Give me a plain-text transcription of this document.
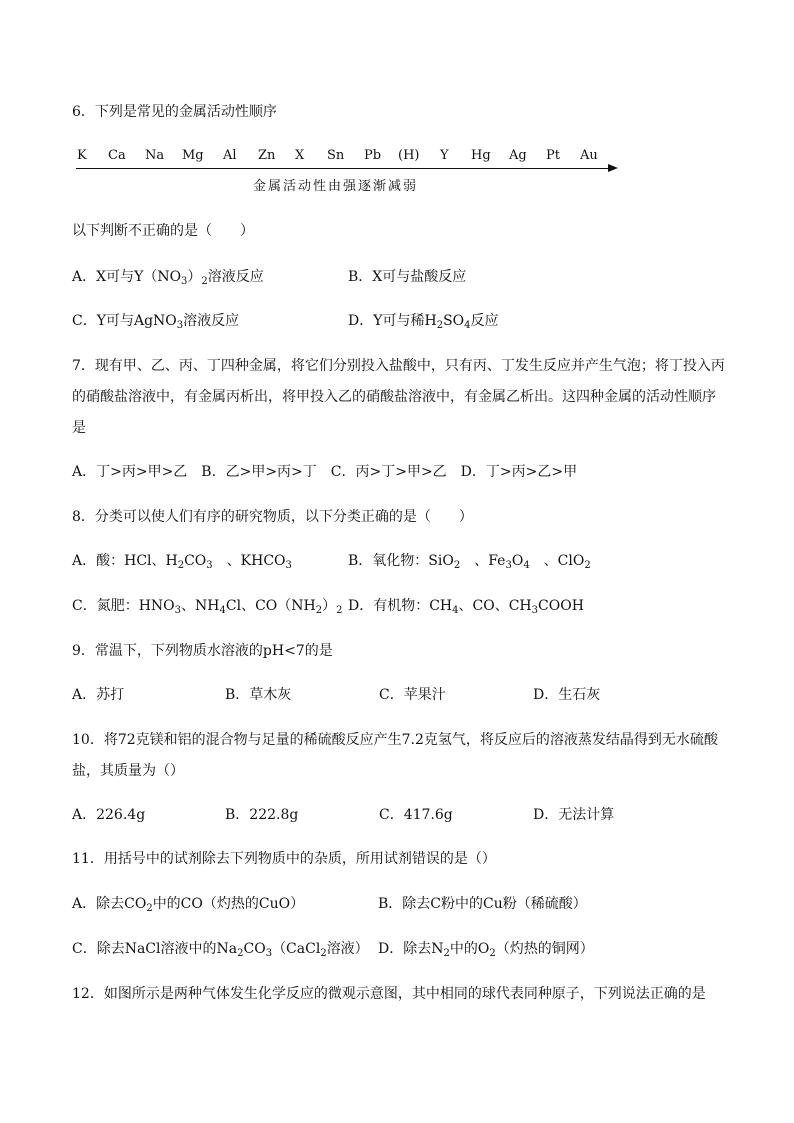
6．下列是常见的金属活动性顺序
K Ca Na Mg Al Zn X Sn Pb (H) Y Hg Ag Pt Au
金属活动性由强逐渐减弱
以下判断不正确的是（　　）
A．X可与$Y(NO_3)_2$溶液反应	B．X可与盐酸反应
C．Y可与AgNO$_3$溶液反应	D．Y可与稀$H_2SO_4$反应
7．现有甲、乙、丙、丁四种金属，将它们分别投入盐酸中，只有丙、丁发生反应并产生气泡；将丁投入丙
的硝酸盐溶液中，有金属丙析出，将甲投入乙的硝酸盐溶液中，有金属乙析出。这四种金属的活动性顺序
是
A．丁>丙>甲>乙　B．乙>甲>丙>丁　C．丙>丁>甲>乙　D．丁>丙>乙>甲
8．分类可以使人们有序的研究物质，以下分类正确的是（　　）
A．酸：HCl、$H_2CO_3$　、$KHCO_3$	B．氧化物：SiO$_2$　、$Fe_3O_4$　、ClO$_2$
C．氮肥：$HNO_3$、$NH_4Cl$、$CO(NH_2)_2$ D．有机物：$CH_4$、CO、$CH_3COOH$
9．常温下，下列物质水溶液的pH<7的是
A．苏打	B．草木灰	C．苹果汁	D．生石灰
10．将72克镁和铝的混合物与足量的稀硫酸反应产生7.2克氢气，将反应后的溶液蒸发结晶得到无水硫酸
盐，其质量为（）
A．226.4g	B．222.8g	C．417.6g	D．无法计算
11．用括号中的试剂除去下列物质中的杂质，所用试剂错误的是（）
A．除去$CO_2$中的CO（灼热的CuO）	B．除去C粉中的Cu粉（稀硫酸）
C．除去NaCl溶液中的$Na_2CO_3(CaCl_2$溶液） D．除去$N_2$中的$O_2$（灼热的铜网）
12．如图所示是两种气体发生化学反应的微观示意图，其中相同的球代表同种原子，下列说法正确的是
